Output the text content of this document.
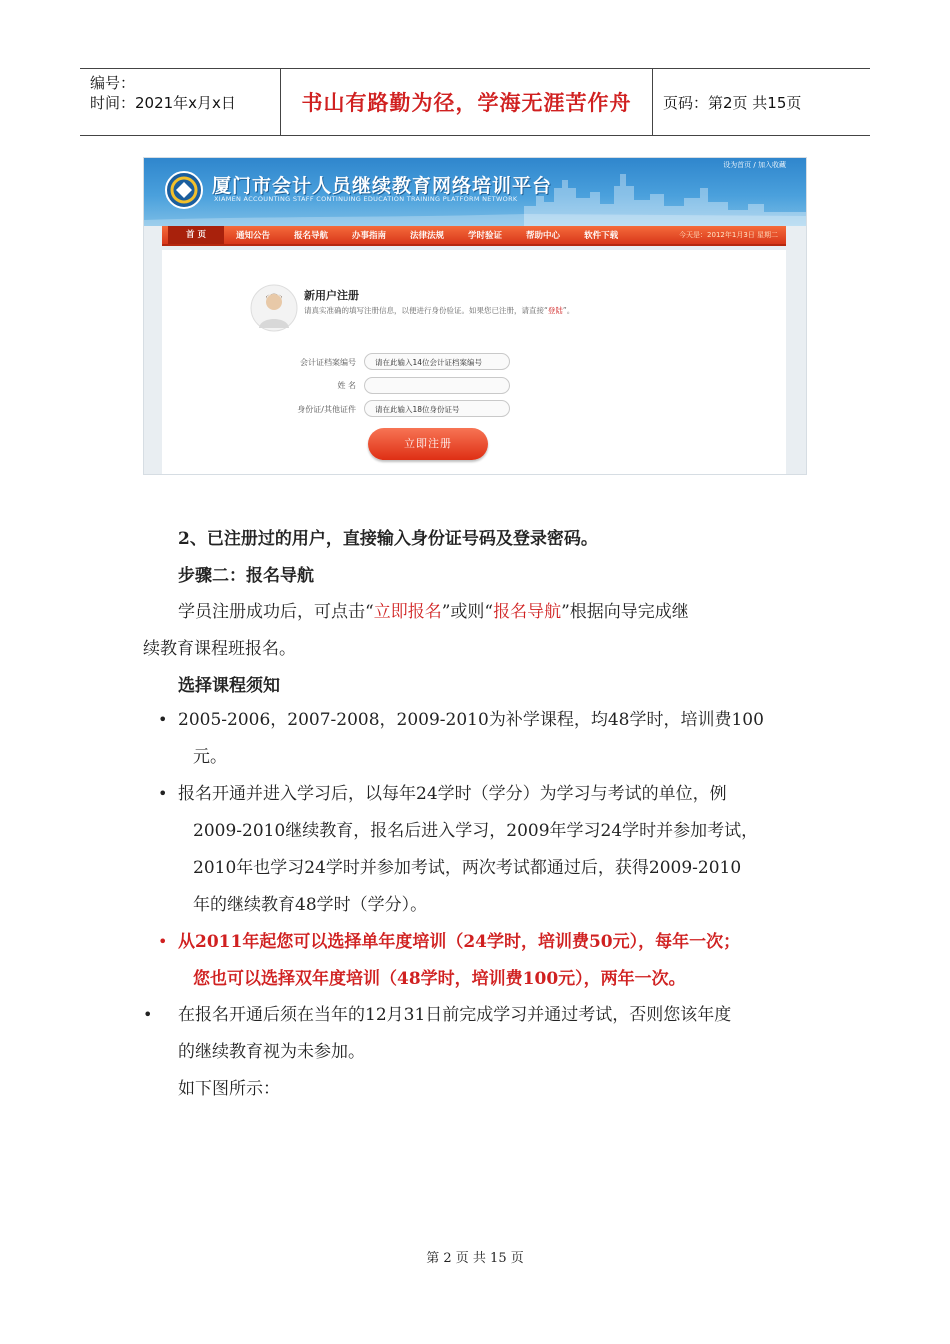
编号：
时间：2021年x月x日	书山有路勤为径，学海无涯苦作舟	页码：第2页 共15页
设为首页 / 加入收藏
厦门市会计人员继续教育网络培训平台
XIAMEN ACCOUNTING STAFF CONTINUING EDUCATION TRAINING PLATFORM NETWORK
首 页	通知公告	报名导航	办事指南	法律法规	学时验证	帮助中心	软件下载	今天是：2012年1月3日 星期二
新用户注册
请真实准确的填写注册信息，以便进行身份验证。如果您已注册，请直接“登陆”。
会计证档案编号	请在此输入14位会计证档案编号
姓 名
身份证/其他证件	请在此输入18位身份证号
立即注册
2、已注册过的用户，直接输入身份证号码及登录密码。
步骤二：报名导航
学员注册成功后，可点击“立即报名”或则“报名导航”根据向导完成继
续教育课程班报名。
选择课程须知
• 2005-2006，2007-2008，2009-2010为补学课程，均48学时，培训费100
元。
• 报名开通并进入学习后，以每年24学时（学分）为学习与考试的单位，例
2009-2010继续教育，报名后进入学习，2009年学习24学时并参加考试，
2010年也学习24学时并参加考试，两次考试都通过后，获得2009-2010
年的继续教育48学时（学分）。
• 从2011年起您可以选择单年度培训（24学时，培训费50元），每年一次；
您也可以选择双年度培训（48学时，培训费100元），两年一次。
• 在报名开通后须在当年的12月31日前完成学习并通过考试，否则您该年度
的继续教育视为未参加。
如下图所示：
第 2 页 共 15 页
